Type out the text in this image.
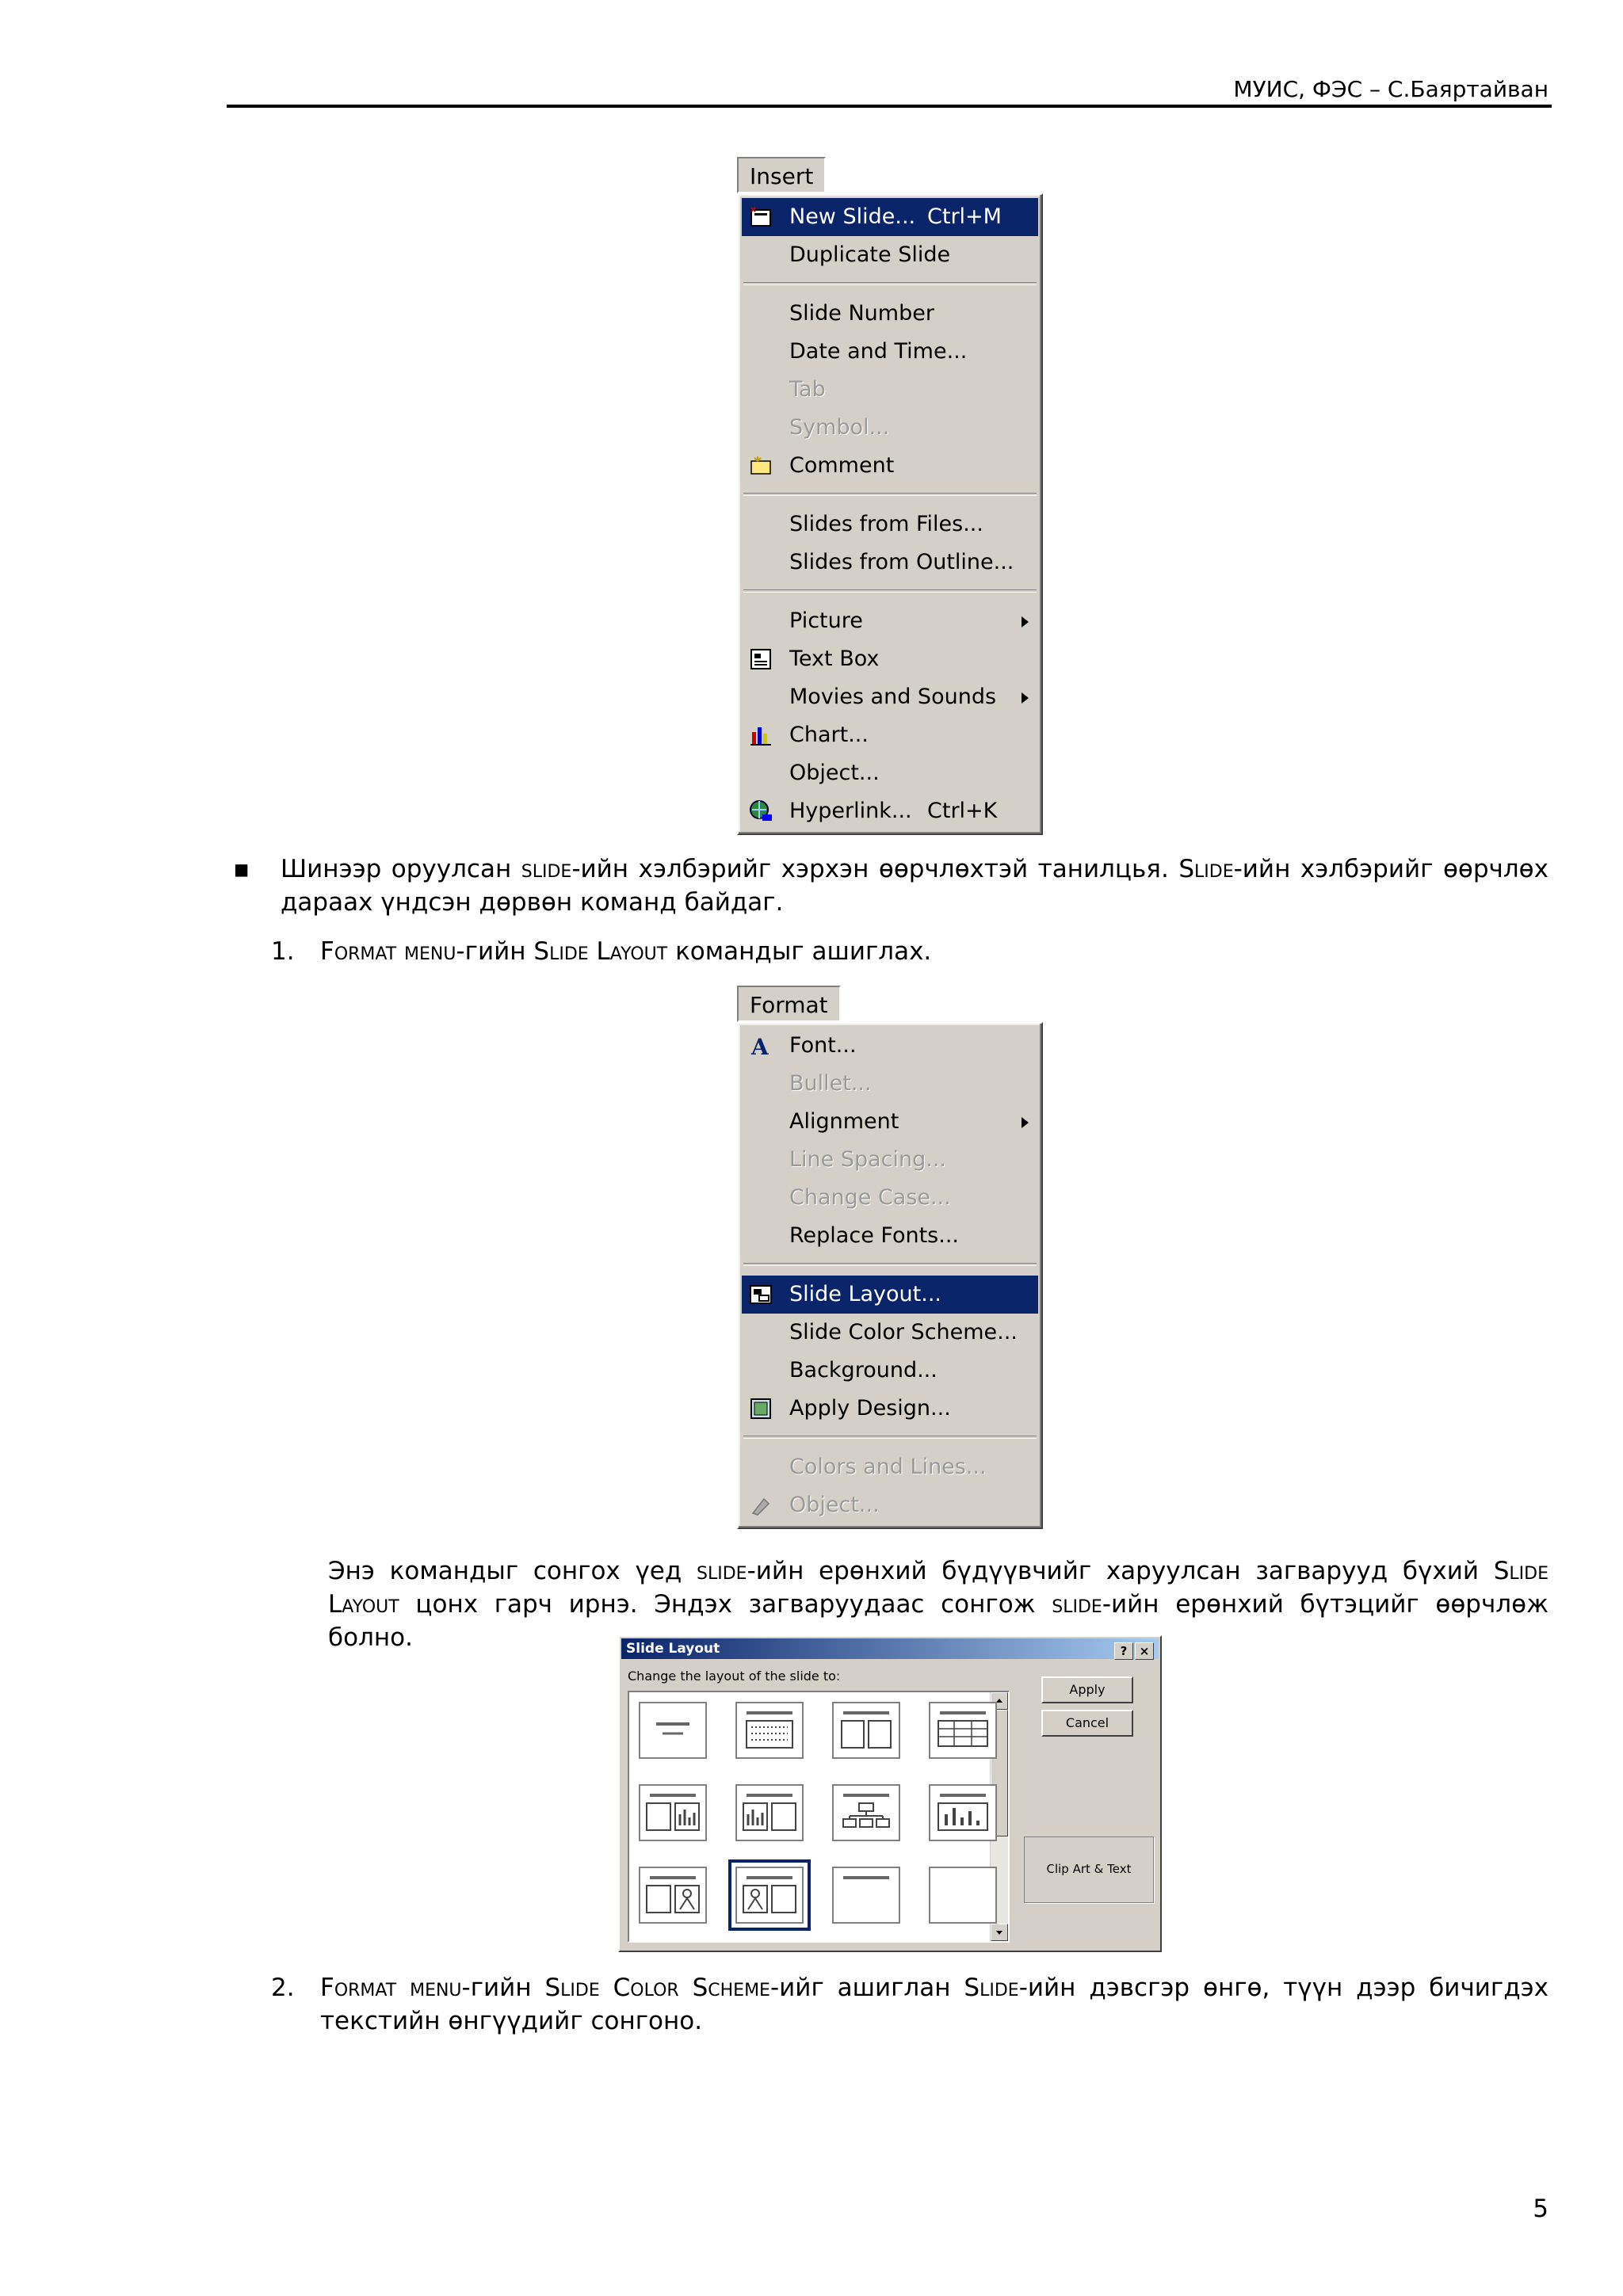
МУИС, ФЭС – С.Баяртайван
Insert
New Slide... Ctrl+M
Duplicate Slide
Slide Number
Date and Time...
Tab
Symbol...
Comment
Slides from Files...
Slides from Outline...
Picture
Text Box
Movies and Sounds
Chart...
Object...
Hyperlink... Ctrl+K
▪ Шинээр оруулсан slide-ийн хэлбэрийг хэрхэн өөрчлөхтэй танилцья. Slide-ийн хэлбэрийг өөрчлөх дараах үндсэн дөрвөн команд байдаг.
1. Format menu-гийн Slide Layout командыг ашиглах.
Format
A Font...
Bullet...
Alignment
Line Spacing...
Change Case...
Replace Fonts...
Slide Layout...
Slide Color Scheme...
Background...
Apply Design...
Colors and Lines...
Object...
Энэ командыг сонгох үед slide-ийн ерөнхий бүдүүвчийг харуулсан загварууд бүхий Slide Layout цонх гарч ирнэ. Эндэх загваруудаас сонгож slide-ийн ерөнхий бүтэцийг өөрчлөж болно.	Slide Layout	?	×
Change the layout of the slide to:
Apply
Cancel
Clip Art & Text
2. Format menu-гийн Slide Color Scheme-ийг ашиглан Slide-ийн дэвсгэр өнгө, түүн дээр бичигдэх текстийн өнгүүдийг сонгоно.
5
